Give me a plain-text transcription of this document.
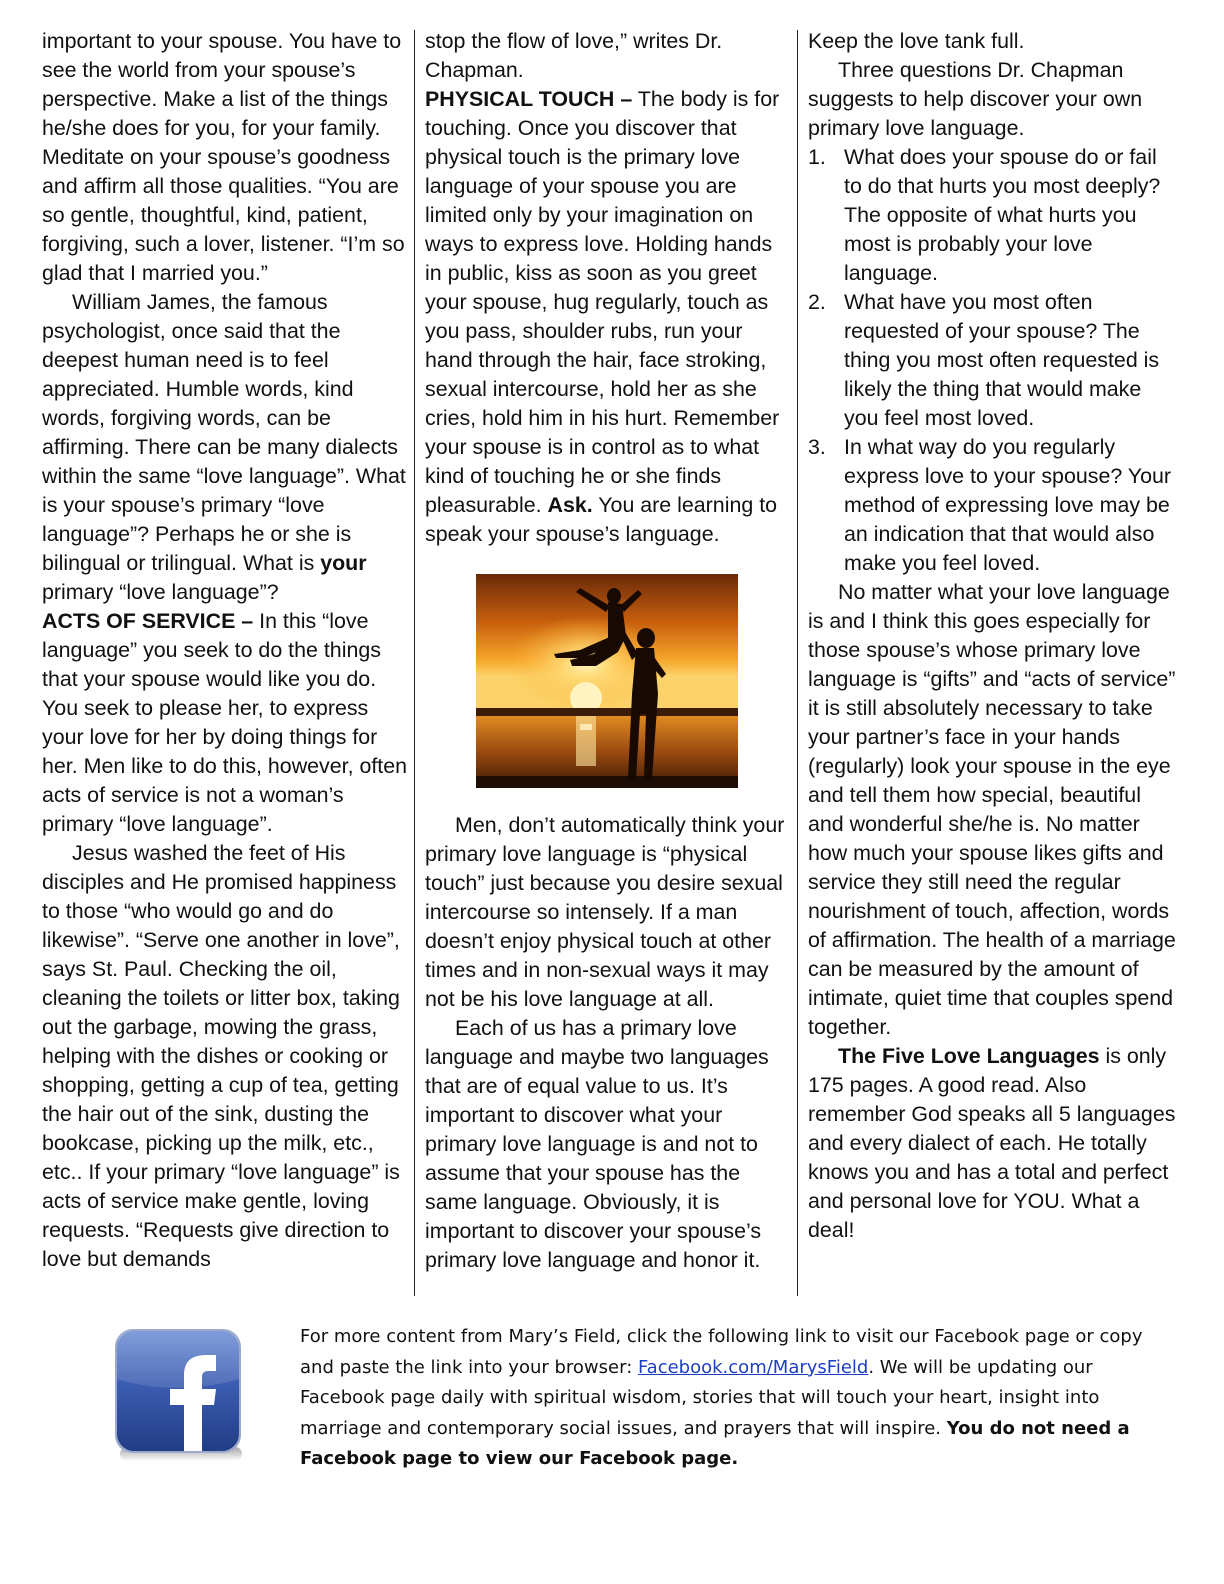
important to your spouse. You have to see the world from your spouse’s perspective. Make a list of the things he/she does for you, for your family. Meditate on your spouse’s goodness and affirm all those qualities. “You are so gentle, thoughtful, kind, patient, forgiving, such a lover, listener. “I’m so glad that I married you.”

William James, the famous psychologist, once said that the deepest human need is to feel appreciated. Humble words, kind words, forgiving words, can be affirming. There can be many dialects within the same “love language”. What is your spouse’s primary “love language”? Perhaps he or she is bilingual or trilingual. What is your primary “love language”?

ACTS OF SERVICE – In this “love language” you seek to do the things that your spouse would like you do. You seek to please her, to express your love for her by doing things for her. Men like to do this, however, often acts of service is not a woman’s primary “love language”.

Jesus washed the feet of His disciples and He promised happiness to those “who would go and do likewise”. “Serve one another in love”, says St. Paul. Checking the oil, cleaning the toilets or litter box, taking out the garbage, mowing the grass, helping with the dishes or cooking or shopping, getting a cup of tea, getting the hair out of the sink, dusting the bookcase, picking up the milk, etc., etc.. If your primary “love language” is acts of service make gentle, loving requests. “Requests give direction to love but demands

stop the flow of love,” writes Dr. Chapman.

PHYSICAL TOUCH – The body is for touching. Once you discover that physical touch is the primary love language of your spouse you are limited only by your imagination on ways to express love. Holding hands in public, kiss as soon as you greet your spouse, hug regularly, touch as you pass, shoulder rubs, run your hand through the hair, face stroking, sexual intercourse, hold her as she cries, hold him in his hurt. Remember your spouse is in control as to what kind of touching he or she finds pleasurable. Ask. You are learning to speak your spouse’s language.

Men, don’t automatically think your primary love language is “physical touch” just because you desire sexual intercourse so intensely. If a man doesn’t enjoy physical touch at other times and in non-sexual ways it may not be his love language at all.

Each of us has a primary love language and maybe two languages that are of equal value to us. It’s important to discover what your primary love language is and not to assume that your spouse has the same language. Obviously, it is important to discover your spouse’s primary love language and honor it.

Keep the love tank full.

Three questions Dr. Chapman suggests to help discover your own primary love language.

1. What does your spouse do or fail to do that hurts you most deeply? The opposite of what hurts you most is probably your love language.
2. What have you most often requested of your spouse? The thing you most often requested is likely the thing that would make you feel most loved.
3. In what way do you regularly express love to your spouse? Your method of expressing love may be an indication that that would also make you feel loved.

No matter what your love language is and I think this goes especially for those spouse’s whose primary love language is “gifts” and “acts of service” it is still absolutely necessary to take your partner’s face in your hands (regularly) look your spouse in the eye and tell them how special, beautiful and wonderful she/he is. No matter how much your spouse likes gifts and service they still need the regular nourishment of touch, affection, words of affirmation. The health of a marriage can be measured by the amount of intimate, quiet time that couples spend together.

The Five Love Languages is only 175 pages. A good read. Also remember God speaks all 5 languages and every dialect of each. He totally knows you and has a total and perfect and personal love for YOU. What a deal!

For more content from Mary’s Field, click the following link to visit our Facebook page or copy and paste the link into your browser: Facebook.com/MarysField. We will be updating our Facebook page daily with spiritual wisdom, stories that will touch your heart, insight into marriage and contemporary social issues, and prayers that will inspire. You do not need a Facebook page to view our Facebook page.
